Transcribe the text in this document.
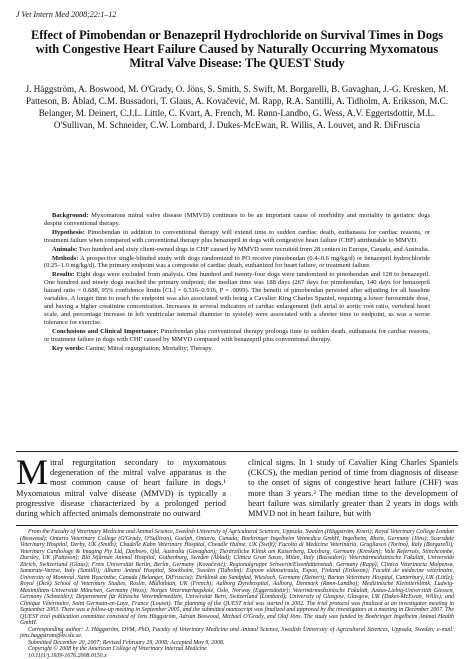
J Vet Intern Med 2008;22:1–12
Effect of Pimobendan or Benazepril Hydrochloride on Survival Times in Dogs with Congestive Heart Failure Caused by Naturally Occurring Myxomatous Mitral Valve Disease: The QUEST Study
J. Häggström, A. Boswood, M. O'Grady, O. Jöns, S. Smith, S. Swift, M. Borgarelli, B. Gavaghan, J.-G. Kresken, M. Patteson, B. Åblad, C.M. Bussadori, T. Glaus, A. Kovačević, M. Rapp, R.A. Santilli, A. Tidholm, A. Eriksson, M.C. Belanger, M. Deinert, C.J.L. Little, C. Kvart, A. French, M. Rønn-Landbo, G. Wess, A.V. Eggertsdottir, M.L. O'Sullivan, M. Schneider, C.W. Lombard, J. Dukes-McEwan, R. Willis, A. Louvet, and R. DiFruscia

Background: Myxomatous mitral valve disease (MMVD) continues to be an important cause of morbidity and mortality in geriatric dogs despite conventional therapy.

Hypothesis: Pimobendan in addition to conventional therapy will extend time to sudden cardiac death, euthanasia for cardiac reasons, or treatment failure when compared with conventional therapy plus benazepril in dogs with congestive heart failure (CHF) attributable to MMVD.

Animals: Two hundred and sixty client-owned dogs in CHF caused by MMVD were recruited from 28 centers in Europe, Canada, and Australia.

Methods: A prospective single-blinded study with dogs randomized to PO receive pimobendan (0.4–0.6 mg/kg/d) or benazepril hydrochloride (0.25–1.0 mg/kg/d). The primary endpoint was a composite of cardiac death, euthanized for heart failure, or treatment failure.

Results: Eight dogs were excluded from analysis. One hundred and twenty-four dogs were randomized to pimobendan and 128 to benazepril. One hundred and ninety dogs reached the primary endpoint; the median time was 188 days (267 days for pimobendan, 140 days for benazepril hazard ratio = 0.688, 95% confidence limits [CL] = 0.516–0.916, P = .0099). The benefit of pimobendan persisted after adjusting for all baseline variables. A longer time to reach the endpoint was also associated with being a Cavalier King Charles Spaniel, requiring a lower furosemide dose, and having a higher creatinine concentration. Increases in several indicators of cardiac enlargement (left atrial to aortic root ratio, vertebral heart scale, and percentage increase in left ventricular internal diameter in systole) were associated with a shorter time to endpoint, as was a worse tolerance for exercise.

Conclusions and Clinical Importance: Pimobendan plus conventional therapy prolongs time to sudden death, euthanasia for cardiac reasons, or treatment failure in dogs with CHF caused by MMVD compared with benazepril plus conventional therapy.

Key words: Canine; Mitral regurgitation; Mortality; Therapy.

Mitral regurgitation secondary to myxomatous degeneration of the mitral valve apparatus is the most common cause of heart failure in dogs.¹ Myxomatous mitral valve disease (MMVD) is typically a progressive disease characterized by a prolonged period during which affected animals demonstrate no outward
clinical signs. In 1 study of Cavalier King Charles Spaniels (CKCS), the median period of time from diagnosis of disease to the onset of signs of congestive heart failure (CHF) was more than 3 years.² The median time to the development of heart failure was similarly greater than 2 years in dogs with MMVD not in heart failure, but with

From the Faculty of Veterinary Medicine and Animal Science, Swedish University of Agricultural Sciences, Uppsala, Sweden (Häggström, Kvart); Royal Veterinary College London (Boswood); Ontario Veterinary College (O'Grady, O'Sullivan), Guelph, Ontario, Canada; Boehringer Ingelheim Vetmedica GmbH, Ingelheim, Rhein, Germany (Jöns); Scarsdale Veterinary Hospital, Derby, UK (Smith); Chadelle Kahn Veterinary Hospital, Cheadle Hulme, UK (Swift); Facoltà di Medicina Veterinaria, Grugliasco (Torino), Italy (Borgarelli); Veterinary Cardiology & Imaging Pty Ltd, Dayboro, Qld, Australia (Gavaghan); Tierärztliche Klinik am Kaiserberg, Duisburg, Germany (Kresken); Vale Referrals, Stinchcombe, Dursley, UK (Patteson); Blå Stjärnan Animal Hospital, Gothenburg, Sweden (Åblad); Clinica Gran Sasso, Milan, Italy (Bussadori); Veterinärmedizinische Fakultät, Universität Zürich, Switzerland (Glaus); Freie Universität Berlin, Berlin, Germany (Kovačević); Regionalgruppe Schwerin/Eisenhüttenstadt, Germany (Rapp); Clinica Veterinaria Malpensa, Samarate-Varese, Italy (Santilli); Albano Animal Hospital, Stockholm, Sweden (Tidholm); Espoon eläinsairaala, Espoo, Finland (Eriksson); Faculté de médecine vétérinaire, University of Montreal, Saint Hyacinthe, Canada (Belanger, DiFruscia); Tierklinik am Sandpfad, Wiesloch, Germany (Deinert); Barton Veterinary Hospital, Canterbury, UK (Little); Royal (Dick) School of Veterinary Studies, Roslin, Midlothian, UK (French); Aalborg Dyrehospital, Aalborg, Denmark (Rønn-Landbo); Medizinische Kleintierklinik, Ludwig-Maximilians-Universität München, Germany (Wess); Norges Veterinærhøgskole, Oslo, Norway (Eggertsdottir); Veterinärmedizinische Fakultät, Justus-Liebig-Universität Giessen, Germany (Schneider); Departement für klinische Veterinärmedizin, Universität Bern, Switzerland (Lombard); University of Glasgow, Glasgow, UK (Dukes-McEwan, Willis); and Clinique Vétérinaire, Saint Germain-en-Laye, France (Louvet). The planning of the QUEST trial was started in 2002. The trial protocol was finalized at an investigator meeting in September 2003. There was a follow-up meeting in September 2005, and the submitted manuscript was finalized and approved by the investigators at a meeting in December 2007. The QUEST trial publication committee consisted of Jens Häggström, Adrian Boswood, Michael O'Grady, and Olaf Jöns. The study was funded by Boehringer Ingelheim Animal Health GmbH.

Corresponding author: J. Häggström, DVM, PhD, Faculty of Veterinary Medicine and Animal Science, Swedish University of Agricultural Sciences, Uppsala, Sweden; e-mail: jens.haggstrom@kv.slu.se.

Submitted December 20, 2007; Revised February 29, 2008; Accepted May 9, 2008.

Copyright © 2008 by the American College of Veterinary Internal Medicine

10.1111/j.1939-1676.2008.0150.x
